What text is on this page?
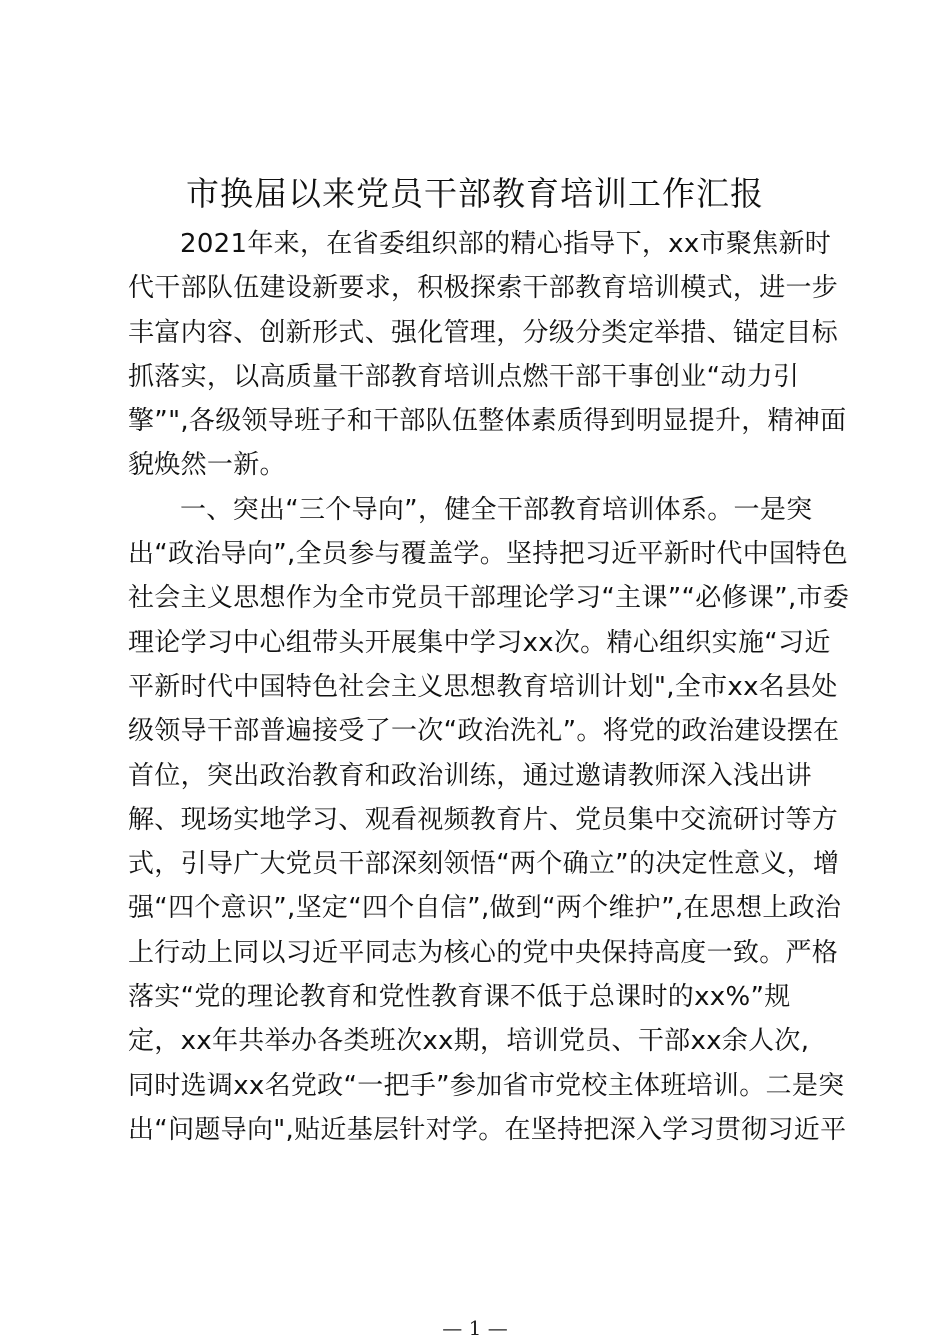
市换届以来党员干部教育培训工作汇报
2021年来，在省委组织部的精心指导下，xx市聚焦新时
代干部队伍建设新要求，积极探索干部教育培训模式，进一步
丰富内容、创新形式、强化管理，分级分类定举措、锚定目标
抓落实，以高质量干部教育培训点燃干部干事创业“动力引
擎”",各级领导班子和干部队伍整体素质得到明显提升，精神面
貌焕然一新。
一、突出“三个导向”，健全干部教育培训体系。一是突
出“政治导向”,全员参与覆盖学。坚持把习近平新时代中国特色
社会主义思想作为全市党员干部理论学习“主课”“必修课”,市委
理论学习中心组带头开展集中学习xx次。精心组织实施“习近
平新时代中国特色社会主义思想教育培训计划",全市xx名县处
级领导干部普遍接受了一次“政治洗礼”。将党的政治建设摆在
首位，突出政治教育和政治训练，通过邀请教师深入浅出讲
解、现场实地学习、观看视频教育片、党员集中交流研讨等方
式，引导广大党员干部深刻领悟“两个确立”的决定性意义，增
强“四个意识”,坚定“四个自信”,做到“两个维护”,在思想上政治
上行动上同以习近平同志为核心的党中央保持高度一致。严格
落实“党的理论教育和党性教育课不低于总课时的xx%”规
定，xx年共举办各类班次xx期，培训党员、干部xx余人次,
同时选调xx名党政“一把手”参加省市党校主体班培训。二是突
出“问题导向",贴近基层针对学。在坚持把深入学习贯彻习近平
— 1 —
